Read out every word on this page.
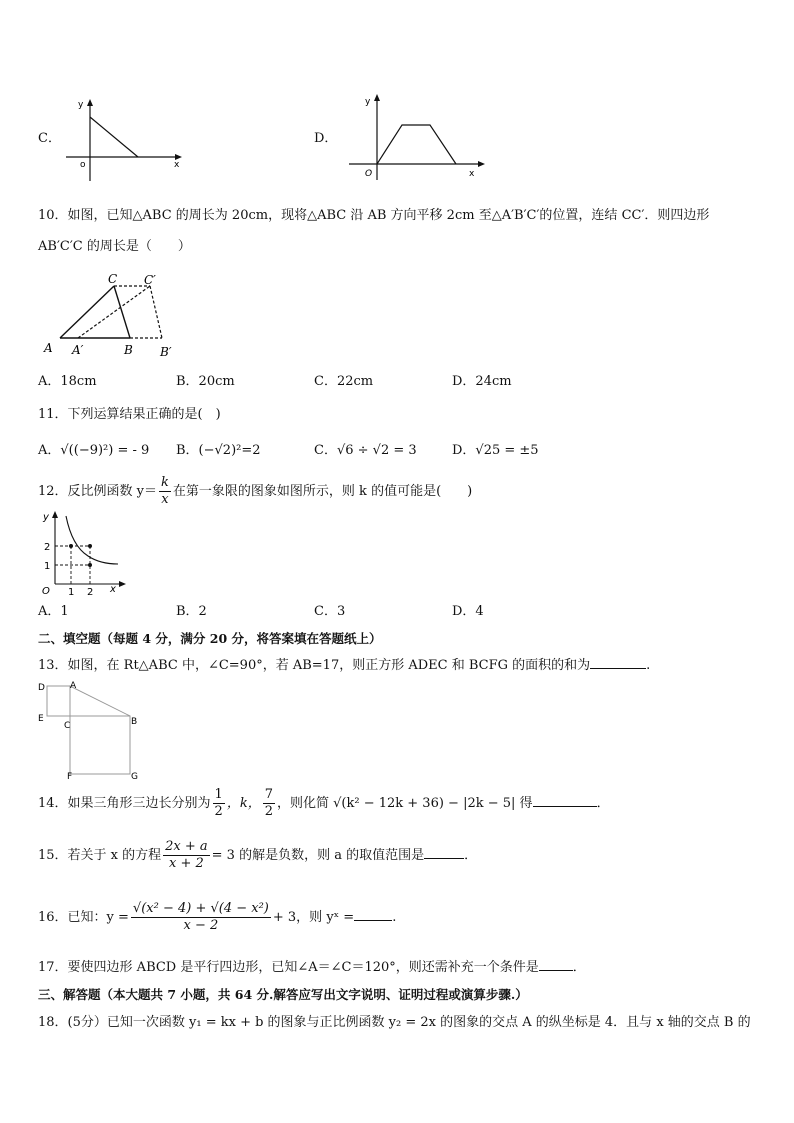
C．
y
x
o
D．
y
x
O
10．如图，已知△ABC 的周长为 20cm，现将△ABC 沿 AB 方向平移 2cm 至△A′B′C′的位置，连结 CC′．则四边形
AB′C′C 的周长是（　　）
A A′	B B′
C C′
A．18cm	B．20cm	C．22cm	D．24cm
11．下列运算结果正确的是(　)
A．√((−9)²) = ‑ 9 B．(−√2)²=2	C．√6 ÷ √2 = 3	D．√25 = ±5
12．反比例函数 $y= \frac{k}{x}$ 在第一象限的图象如图所示，则 k 的值可能是(　　)
y
x
O 1 2
1
2
A．1	B．2	C．3	D．4
二、填空题（每题 4 分，满分 20 分，将答案填在答题纸上）
13．如图，在 Rt△ABC 中，∠C=90°，若 AB=17，则正方形 ADEC 和 BCFG 的面积的和为	.
D	A
E
C	B
F	G
14．如果三角形三边长分别为 $\frac{1}{2}$ ，k， $\frac{7}{2}$ ，则化简 √(k² − 12k + 36) − |2k − 5| 得	．
15．若关于 x 的方程 $\frac{2x + a}{x + 2} = 3$ 的解是负数，则 a 的取值范围是	．
16．已知：$y = \frac{\text{√(x² − 4) + √(4 − x²)}}{x - 2} + 3$，则 yˣ =	.
17．要使四边形 ABCD 是平行四边形，已知∠A＝∠C＝120°，则还需补充一个条件是	．
三、解答题（本大题共 7 小题，共 64 分.解答应写出文字说明、证明过程或演算步骤.）
18．(5分）已知一次函数 y₁ = kx + b 的图象与正比例函数 y₂ = 2x 的图象的交点 A 的纵坐标是 4．且与 x 轴的交点 B 的
